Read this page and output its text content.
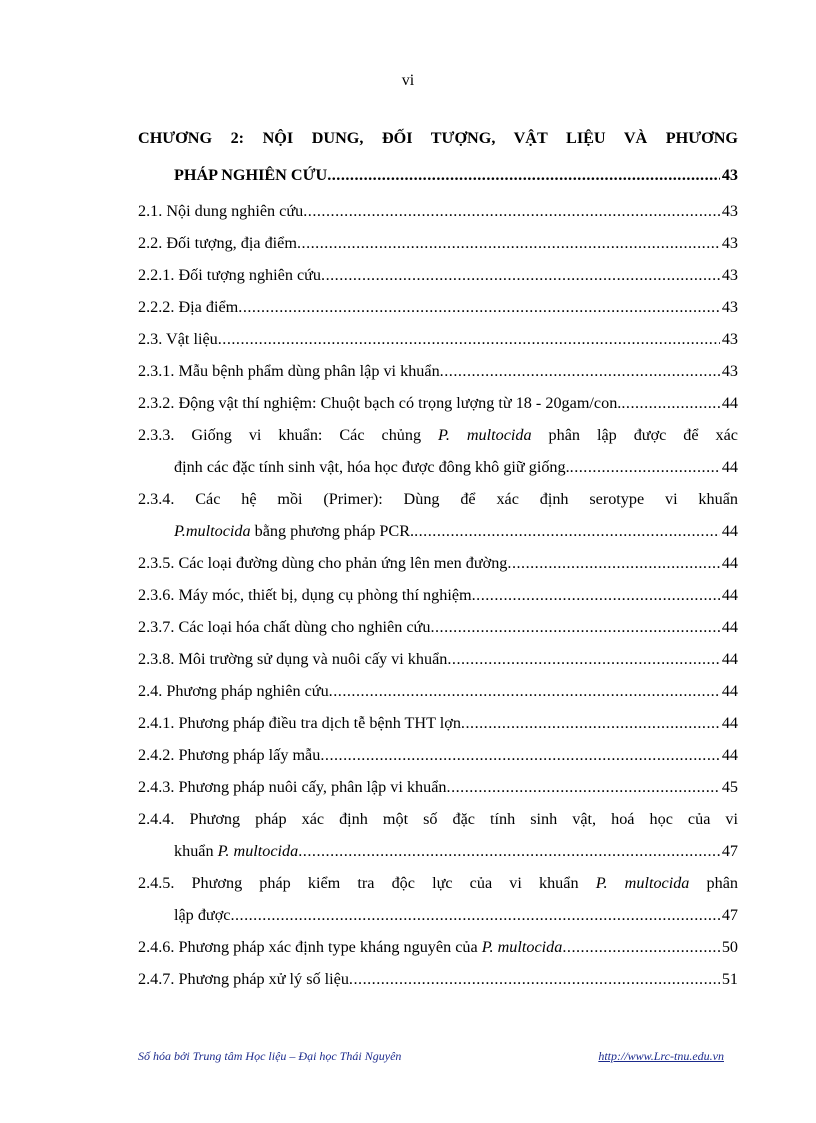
vi
CHƯƠNG 2: NỘI DUNG, ĐỐI TƯỢNG, VẬT LIỆU VÀ PHƯƠNG
PHÁP NGHIÊN CỨU .....	43
2.1. Nội dung nghiên cứu .....	43
2.2. Đối tượng, địa điểm .....	43
2.2.1. Đối tượng nghiên cứu .....	43
2.2.2. Địa điểm .....	43
2.3. Vật liệu .....	43
2.3.1. Mẫu bệnh phẩm dùng phân lập vi khuẩn .....	43
2.3.2. Động vật thí nghiệm: Chuột bạch có trọng lượng từ 18 - 20gam/con. .....	44
2.3.3. Giống vi khuẩn: Các chủng P. multocida phân lập được để xác
định các đặc tính sinh vật, hóa học được đông khô giữ giống. .....	44
2.3.4. Các hệ mồi (Primer): Dùng để xác định serotype vi khuẩn
P.multocida bằng phương pháp PCR. .....	44
2.3.5. Các loại đường dùng cho phản ứng lên men đường .....	44
2.3.6. Máy móc, thiết bị, dụng cụ phòng thí nghiệm .....	44
2.3.7. Các loại hóa chất dùng cho nghiên cứu .....	44
2.3.8. Môi trường sử dụng và nuôi cấy vi khuẩn .....	44
2.4. Phương pháp nghiên cứu .....	44
2.4.1. Phương pháp điều tra dịch tễ bệnh THT lợn .....	44
2.4.2. Phương pháp lấy mẫu .....	44
2.4.3. Phương pháp nuôi cấy, phân lập vi khuẩn .....	45
2.4.4. Phương pháp xác định một số đặc tính sinh vật, hoá học của vi
khuẩn P. multocida .....	47
2.4.5. Phương pháp kiểm tra độc lực của vi khuẩn P. multocida phân
lập được .....	47
2.4.6. Phương pháp xác định type kháng nguyên của P. multocida .....	50
2.4.7. Phương pháp xử lý số liệu .....	51
Số hóa bởi Trung tâm Học liệu – Đại học Thái Nguyên	http://www.Lrc-tnu.edu.vn
